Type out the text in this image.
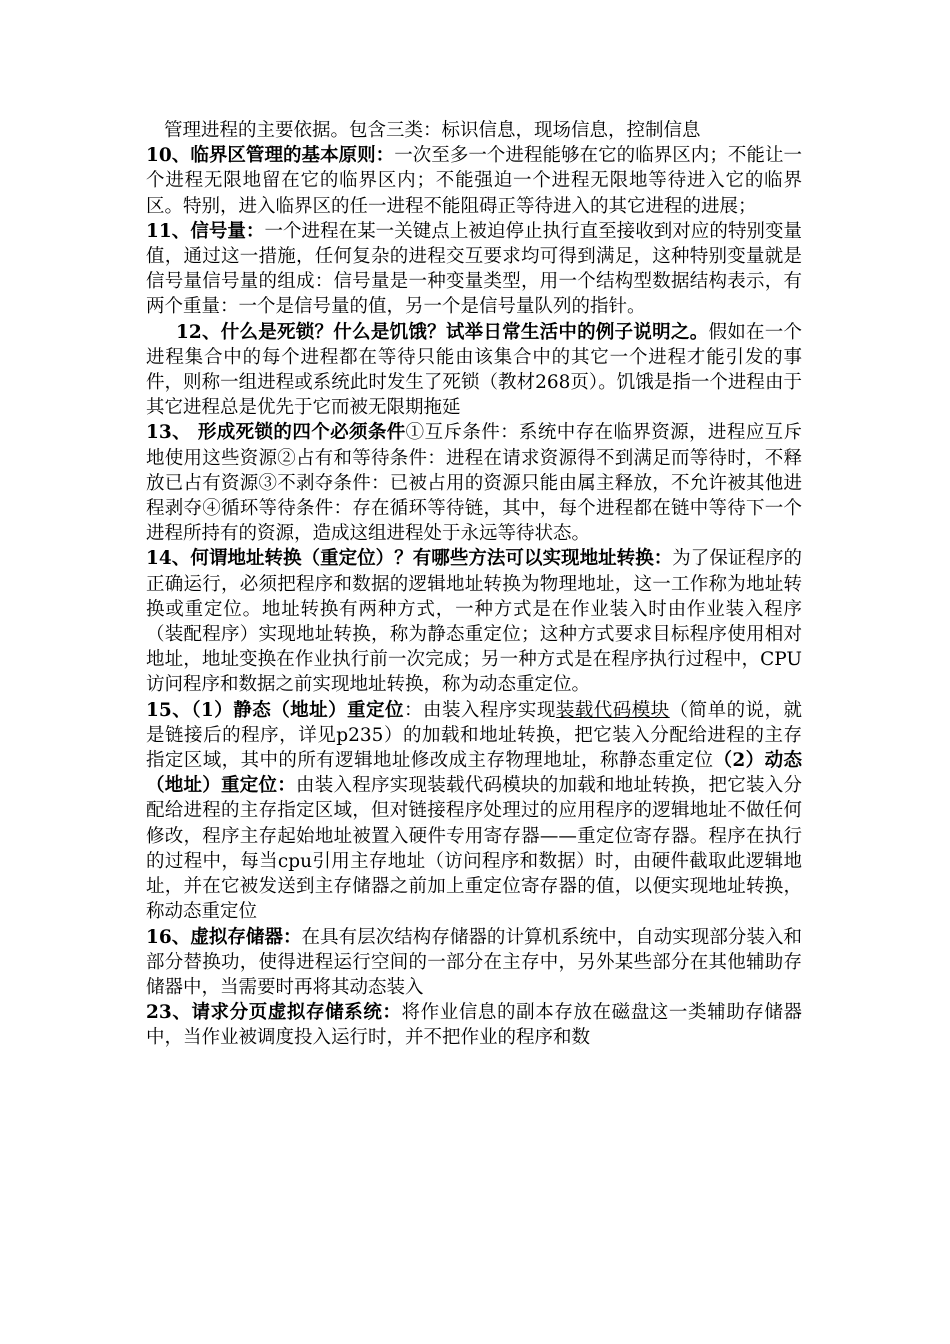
管理进程的主要依据。包含三类：标识信息，现场信息，控制信息

10、临界区管理的基本原则：一次至多一个进程能够在它的临界区内；不能让一个进程无限地留在它的临界区内；不能强迫一个进程无限地等待进入它的临界区。特别，进入临界区的任一进程不能阻碍正等待进入的其它进程的进展；

11、信号量：一个进程在某一关键点上被迫停止执行直至接收到对应的特别变量值，通过这一措施，任何复杂的进程交互要求均可得到满足，这种特别变量就是信号量信号量的组成：信号量是一种变量类型，用一个结构型数据结构表示，有两个重量：一个是信号量的值，另一个是信号量队列的指针。

12、什么是死锁？什么是饥饿？试举日常生活中的例子说明之。假如在一个进程集合中的每个进程都在等待只能由该集合中的其它一个进程才能引发的事件，则称一组进程或系统此时发生了死锁（教材268页）。饥饿是指一个进程由于其它进程总是优先于它而被无限期拖延

13、 形成死锁的四个必须条件①互斥条件：系统中存在临界资源，进程应互斥地使用这些资源②占有和等待条件：进程在请求资源得不到满足而等待时，不释放已占有资源③不剥夺条件：已被占用的资源只能由属主释放，不允许被其他进程剥夺④循环等待条件：存在循环等待链，其中，每个进程都在链中等待下一个进程所持有的资源，造成这组进程处于永远等待状态。

14、何谓地址转换（重定位）？有哪些方法可以实现地址转换：为了保证程序的正确运行，必须把程序和数据的逻辑地址转换为物理地址，这一工作称为地址转换或重定位。地址转换有两种方式，一种方式是在作业装入时由作业装入程序（装配程序）实现地址转换，称为静态重定位；这种方式要求目标程序使用相对地址，地址变换在作业执行前一次完成；另一种方式是在程序执行过程中，CPU访问程序和数据之前实现地址转换，称为动态重定位。

15、（1）静态（地址）重定位：由装入程序实现装载代码模块（简单的说，就是链接后的程序，详见p235）的加载和地址转换，把它装入分配给进程的主存指定区域，其中的所有逻辑地址修改成主存物理地址，称静态重定位（2）动态（地址）重定位：由装入程序实现装载代码模块的加载和地址转换，把它装入分配给进程的主存指定区域，但对链接程序处理过的应用程序的逻辑地址不做任何修改，程序主存起始地址被置入硬件专用寄存器——重定位寄存器。程序在执行的过程中，每当cpu引用主存地址（访问程序和数据）时，由硬件截取此逻辑地址，并在它被发送到主存储器之前加上重定位寄存器的值，以便实现地址转换，称动态重定位

16、虚拟存储器：在具有层次结构存储器的计算机系统中，自动实现部分装入和部分替换功，使得进程运行空间的一部分在主存中，另外某些部分在其他辅助存储器中，当需要时再将其动态装入

23、请求分页虚拟存储系统：将作业信息的副本存放在磁盘这一类辅助存储器中，当作业被调度投入运行时，并不把作业的程序和数
